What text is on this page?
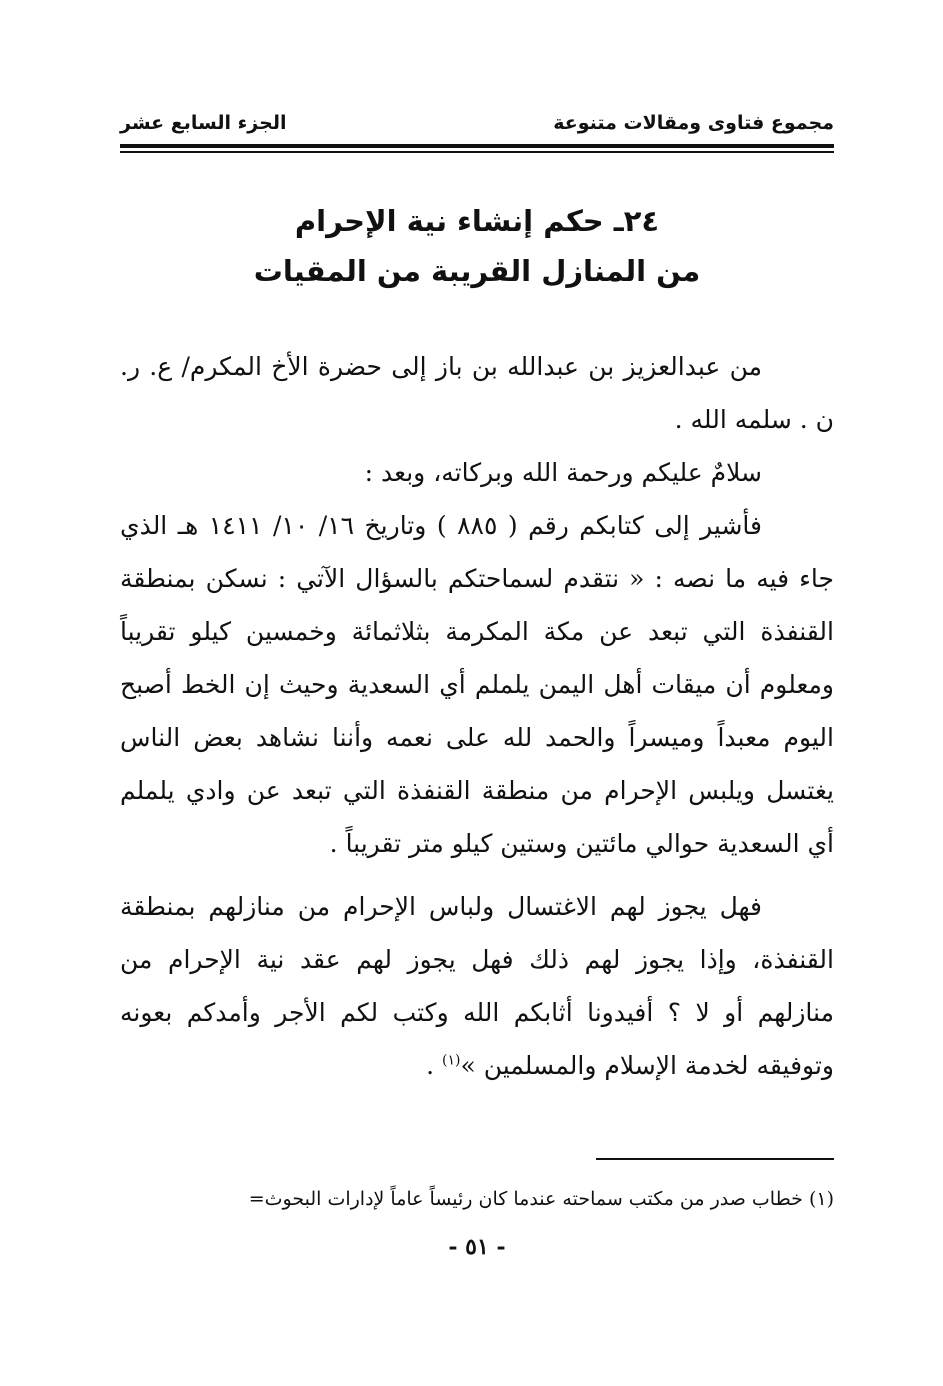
مجموع فتاوى ومقالات متنوعة
الجزء السابع عشر
٢٤ـ حكم إنشاء نية الإحرام
من المنازل القريبة من المقيات

من عبدالعزيز بن عبدالله بن باز إلى حضرة الأخ المكرم/ ع. ر. ن . سلمه الله .

سلامٌ عليكم ورحمة الله وبركاته، وبعد :

فأشير إلى كتابكم رقم ( ٨٨٥ ) وتاريخ ١٦/ ١٠/ ١٤١١ هـ الذي جاء فيه ما نصه : « نتقدم لسماحتكم بالسؤال الآتي : نسكن بمنطقة القنفذة التي تبعد عن مكة المكرمة بثلاثمائة وخمسين كيلو تقريباً ومعلوم أن ميقات أهل اليمن يلملم أي السعدية وحيث إن الخط أصبح اليوم معبداً وميسراً والحمد لله على نعمه وأننا نشاهد بعض الناس يغتسل ويلبس الإحرام من منطقة القنفذة التي تبعد عن وادي يلملم أي السعدية حوالي مائتين وستين كيلو متر تقريباً .

فهل يجوز لهم الاغتسال ولباس الإحرام من منازلهم بمنطقة القنفذة، وإذا يجوز لهم ذلك فهل يجوز لهم عقد نية الإحرام من منازلهم أو لا ؟ أفيدونا أثابكم الله وكتب لكم الأجر وأمدكم بعونه وتوفيقه لخدمة الإسلام والمسلمين »$^{(١)}$ .

(١) خطاب صدر من مكتب سماحته عندما كان رئيساً عاماً لإدارات البحوث=
- ٥١ -
